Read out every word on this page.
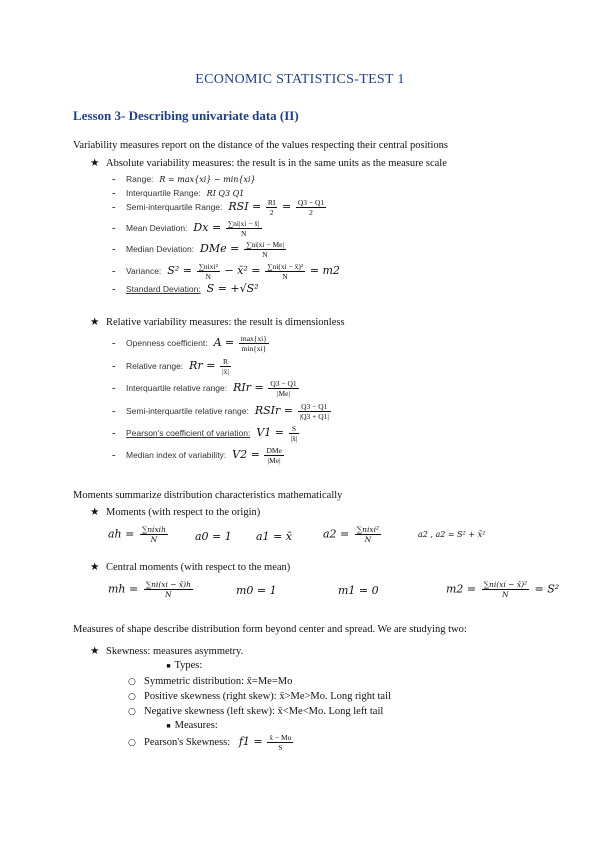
ECONOMIC STATISTICS-TEST 1
Lesson 3- Describing univariate data (II)
Variability measures report on the distance of the values respecting their central positions
★ Absolute variability measures: the result is in the same units as the measure scale
- Range: R = max{xi} − min{xi}
- Interquartile Range: RI Q3 Q1
- Semi-interquartile Range: RSI = $\frac{RI}{2} = \frac{Q3 - Q1}{2}$
- Mean Deviation: $Dx = \frac{\sum ni|xi - x̄|}{N}$
- Median Deviation: DMe = $\frac{\sum ni|xi - Me|}{N}$
- Variance: $S^2 = \frac{\text{∑nixi²}}{N}$ − x̄² = $\frac{\text{∑ni(xi − x̄)²}}{N} = m2$
- Standard Deviation: S = +√S²
★ Relative variability measures: the result is dimensionless
- Openness coefficient: $A = \frac{\max\{xi\}}{\min\{xi\}}$
- Relative range: $Rr = \frac{R}{|x̄|}$
- Interquartile relative range: RIr = $\frac{Q3 - Q1}{|Me|}$
- Semi-interquartile relative range: RSIr = $\frac{Q3 - Q1}{|Q3 + Q1|}$
- Pearson's coefficient of variation: $V1 = \frac{S}{|x̄|}$
- Median index of variability: $V2 = \frac{\text{DMe}}{|Me|}$
Moments summarize distribution characteristics mathematically
★ Moments (with respect to the origin)
ah = $\frac{\text{∑nixih}}{N} a0 = 1$ a1 = x̄	$a2 = \frac{\text{∑nixi²}}{N}$	a2 , a2 = S² + x̄²
★ Central moments (with respect to the mean)
mh = $\frac{\sum ni(xi - x̄)h}{N}$	m0 = 1	m1 = 0	$m2 = \frac{\text{∑ni(xi − x̄)²}}{N} = S^2$
Measures of shape describe distribution form beyond center and spread. We are studying two:
★ Skewness: measures asymmetry.
■ Types:
○ Symmetric distribution: x̄=Me=Mo
○ Positive skewness (right skew): x̄>Me>Mo. Long right tail
○ Negative skewness (left skew): x̄<Me<Mo. Long left tail
■ Measures:
○ Pearson's Skewness: $f1 = \frac{x̄ - Mo}{S}$
